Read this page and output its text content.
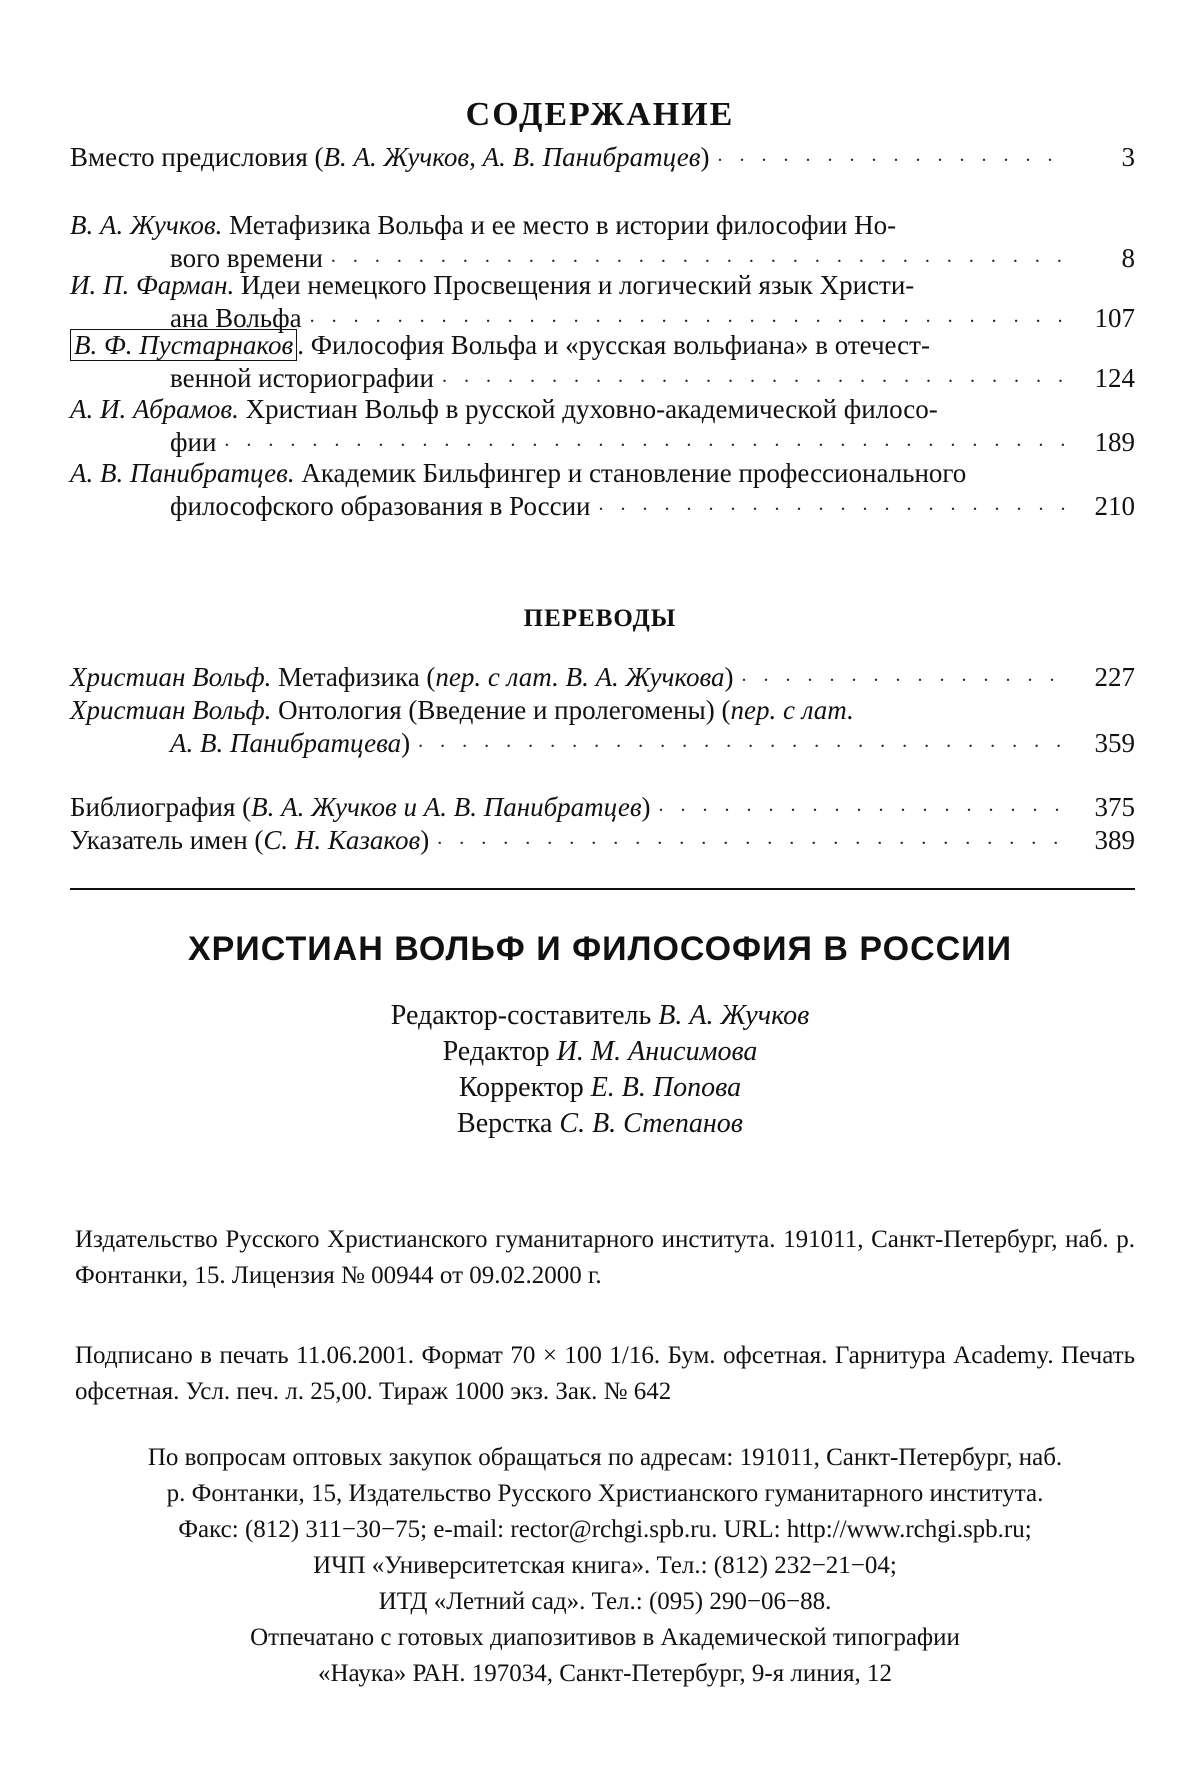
СОДЕРЖАНИЕ
Вместо предисловия (В. А. Жучков, А. В. Панибратцев) . . .	3
В. А. Жучков. Метафизика Вольфа и ее место в истории философии Но-
вого времени . . .	8
И. П. Фарман. Идеи немецкого Просвещения и логический язык Христи-
ана Вольфа . . .	107
В. Ф. Пустарнаков . Философия Вольфа и «русская вольфиана» в отечест-
венной историографии . . .	124
А. И. Абрамов. Христиан Вольф в русской духовно-академической филосо-
фии . . .	189
А. В. Панибратцев. Академик Бильфингер и становление профессионального
философского образования в России . . .	210
ПЕРЕВОДЫ
Христиан Вольф. Метафизика (пер. с лат. В. А. Жучкова) . . .	227
Христиан Вольф. Онтология (Введение и пролегомены) (пер. с лат.
А. В. Панибратцева) . . .	359
Библиография (В. А. Жучков и А. В. Панибратцев) . . .	375
Указатель имен (С. Н. Казаков) . . .	389
ХРИСТИАН ВОЛЬФ И ФИЛОСОФИЯ В РОССИИ
Редактор-составитель В. А. Жучков
Редактор И. М. Анисимова
Корректор Е. В. Попова
Верстка С. В. Степанов
Издательство Русского Христианского гуманитарного института. 191011, Санкт-Петербург, наб. р. Фонтанки, 15. Лицензия № 00944 от 09.02.2000 г.
Подписано в печать 11.06.2001. Формат 70 × 100 1/16. Бум. офсетная. Гарнитура Academy. Печать офсетная. Усл. печ. л. 25,00. Тираж 1000 экз. Зак. № 642
По вопросам оптовых закупок обращаться по адресам: 191011, Санкт-Петербург, наб.
р. Фонтанки, 15, Издательство Русского Христианского гуманитарного института.
Факс: (812) 311−30−75; e-mail: rector@rchgi.spb.ru. URL: http://www.rchgi.spb.ru;
ИЧП «Университетская книга». Тел.: (812) 232−21−04;
ИТД «Летний сад». Тел.: (095) 290−06−88.
Отпечатано с готовых диапозитивов в Академической типографии
«Наука» РАН. 197034, Санкт-Петербург, 9-я линия, 12
